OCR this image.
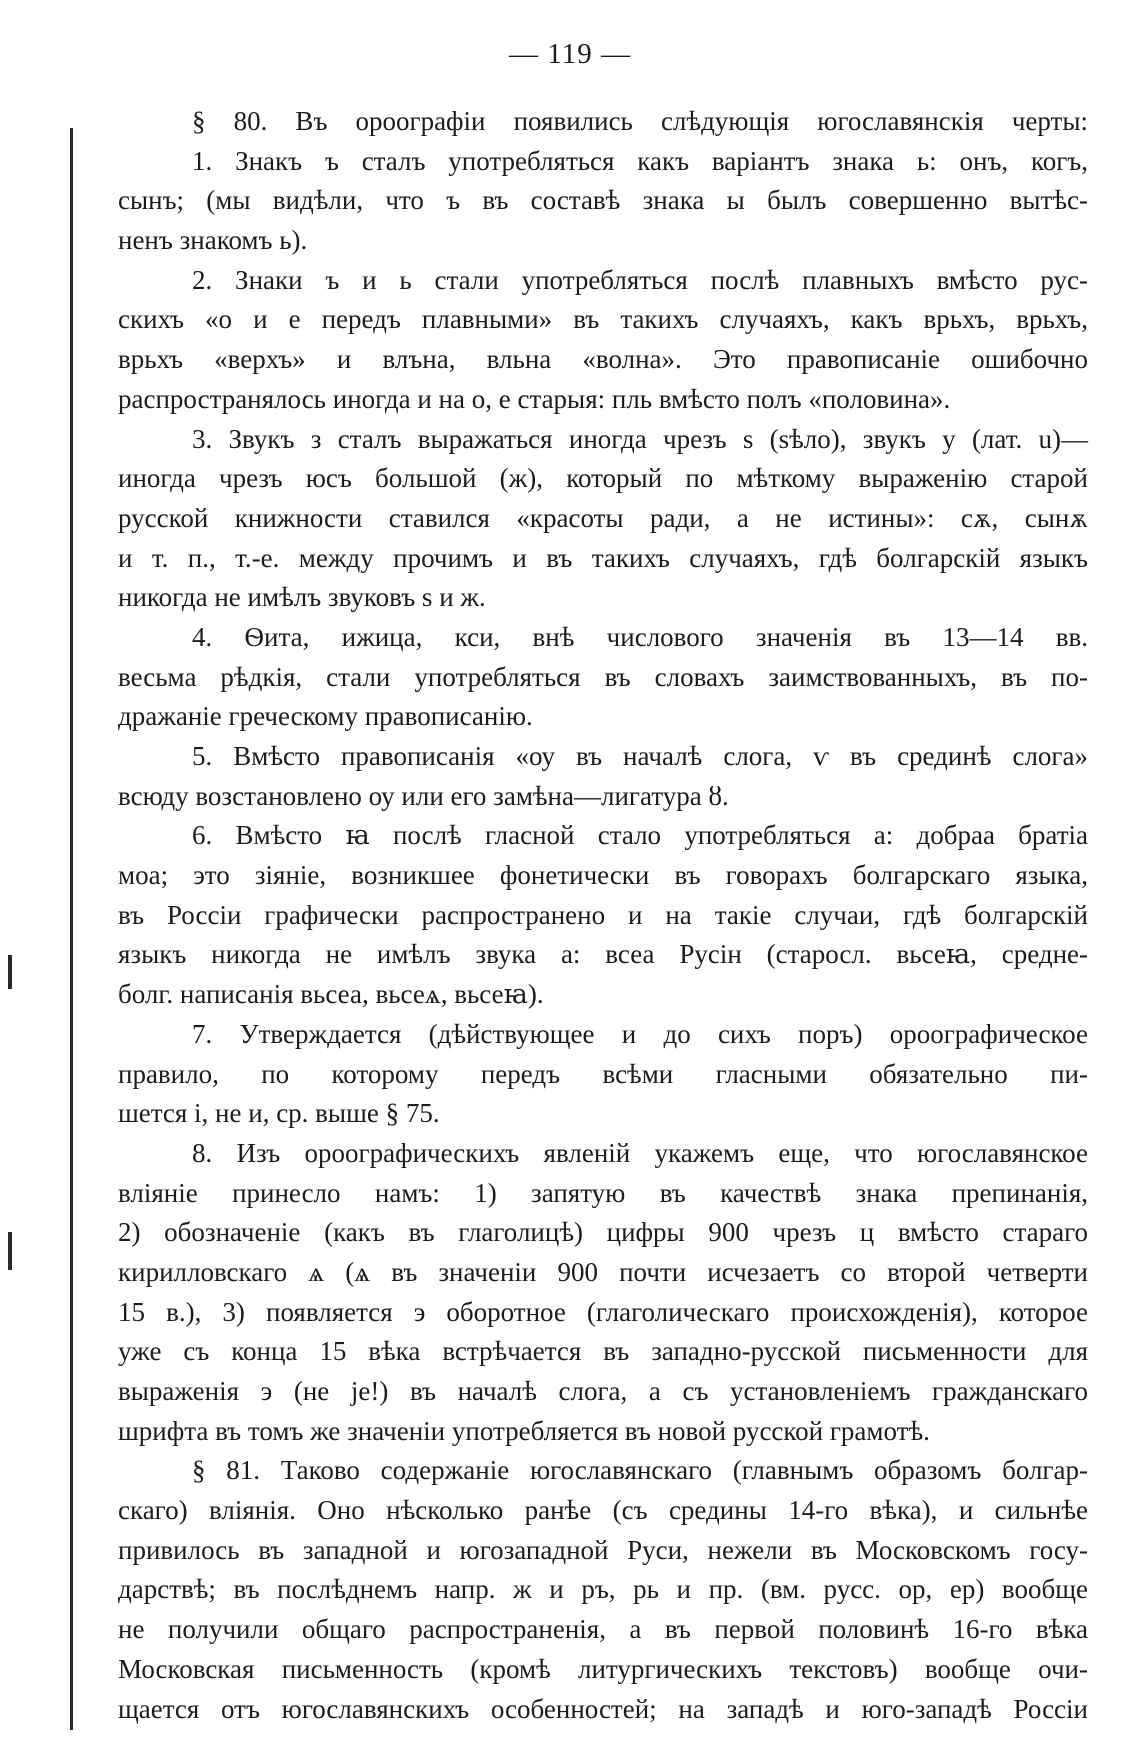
— 119 —
§ 80. Въ ороографіи появились слѣдующія югославянскія черты:
1. Знакъ ъ сталъ употребляться какъ варіантъ знака ь: онъ, когъ,
сынъ; (мы видѣли, что ъ въ составѣ знака ы былъ совершенно вытѣс-
ненъ знакомъ ь).
2. Знаки ъ и ь стали употребляться послѣ плавныхъ вмѣсто рус-
скихъ «о и е передъ плавными» въ такихъ случаяхъ, какъ врьхъ, врьхъ,
врьхъ «верхъ» и влъна, вльна «волна». Это правописаніе ошибочно
распространялось иногда и на о, е старыя: пль вмѣсто полъ «половина».
3. Звукъ з сталъ выражаться иногда чрезъ ѕ (ѕѣло), звукъ у (лат. u)—
иногда чрезъ юсъ большой (ж), который по мѣткому выраженію старой
русской книжности ставился «красоты ради, а не истины»: сѫ, сынѫ
и т. п., т.-е. между прочимъ и въ такихъ случаяхъ, гдѣ болгарскій языкъ
никогда не имѣлъ звуковъ ѕ и ж.
4. Ѳита, ижица, кси, внѣ числового значенія въ 13—14 вв.
весьма рѣдкія, стали употребляться въ словахъ заимствованныхъ, въ по-
дражаніе греческому правописанію.
5. Вмѣсто правописанія «оу въ началѣ слога, ѵ въ срединѣ слога»
всюду возстановлено оу или его замѣна—лигатура ȣ.
6. Вмѣсто ꙗ послѣ гласной стало употребляться а: добраа братіа
моа; это зіяніе, возникшее фонетически въ говорахъ болгарскаго языка,
въ Россіи графически распространено и на такіе случаи, гдѣ болгарскій
языкъ никогда не имѣлъ звука а: всеа Русін (старосл. вьсеꙗ, средне-
болг. написанія вьсеа, вьсеѧ, вьсеꙗ).
7. Утверждается (дѣйствующее и до сихъ поръ) ороографическое
правило, по которому передъ всѣми гласными обязательно пи-
шется і, не и, ср. выше § 75.
8. Изъ ороографическихъ явленій укажемъ еще, что югославянское
вліяніе принесло намъ: 1) запятую въ качествѣ знака препинанія,
2) обозначеніе (какъ въ глаголицѣ) цифры 900 чрезъ ц вмѣсто стараго
кирилловскаго ѧ (ѧ въ значеніи 900 почти исчезаетъ со второй четверти
15 в.), 3) появляется э оборотное (глаголическаго происхожденія), которое
уже съ конца 15 вѣка встрѣчается въ западно-русской письменности для
выраженія э (не је!) въ началѣ слога, а съ установленіемъ гражданскаго
шрифта въ томъ же значеніи употребляется въ новой русской грамотѣ.
§ 81. Таково содержаніе югославянскаго (главнымъ образомъ болгар-
скаго) вліянія. Оно нѣсколько ранѣе (съ средины 14-го вѣка), и сильнѣе
привилось въ западной и югозападной Руси, нежели въ Московскомъ госу-
дарствѣ; въ послѣднемъ напр. ж и ръ, рь и пр. (вм. русс. ор, ер) вообще
не получили общаго распространенія, а въ первой половинѣ 16-го вѣка
Московская письменность (кромѣ литургическихъ текстовъ) вообще очи-
щается отъ югославянскихъ особенностей; на западѣ и юго-западѣ Россіи
